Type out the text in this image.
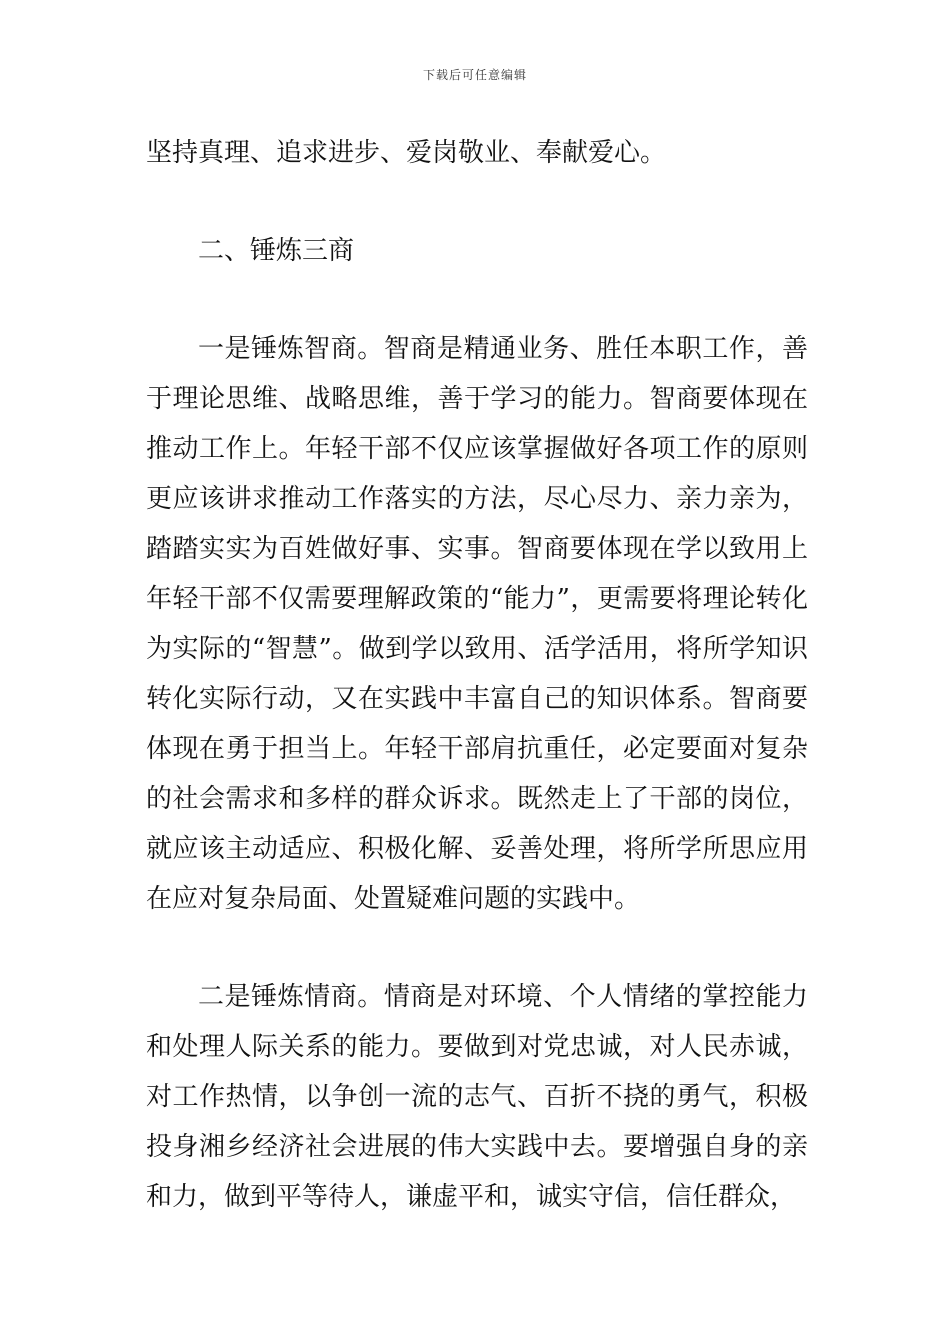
下载后可任意编辑

坚持真理、追求进步、爱岗敬业、奉献爱心。

二、锤炼三商

一是锤炼智商。智商是精通业务、胜任本职工作，善于理论思维、战略思维，善于学习的能力。智商要体现在推动工作上。年轻干部不仅应该掌握做好各项工作的原则更应该讲求推动工作落实的方法，尽心尽力、亲力亲为，踏踏实实为百姓做好事、实事。智商要体现在学以致用上年轻干部不仅需要理解政策的“能力”，更需要将理论转化为实际的“智慧”。做到学以致用、活学活用，将所学知识转化实际行动，又在实践中丰富自己的知识体系。智商要体现在勇于担当上。年轻干部肩抗重任，必定要面对复杂的社会需求和多样的群众诉求。既然走上了干部的岗位，就应该主动适应、积极化解、妥善处理，将所学所思应用在应对复杂局面、处置疑难问题的实践中。

二是锤炼情商。情商是对环境、个人情绪的掌控能力和处理人际关系的能力。要做到对党忠诚，对人民赤诚，对工作热情，以争创一流的志气、百折不挠的勇气，积极投身湘乡经济社会进展的伟大实践中去。要增强自身的亲和力，做到平等待人，谦虚平和，诚实守信，信任群众，
